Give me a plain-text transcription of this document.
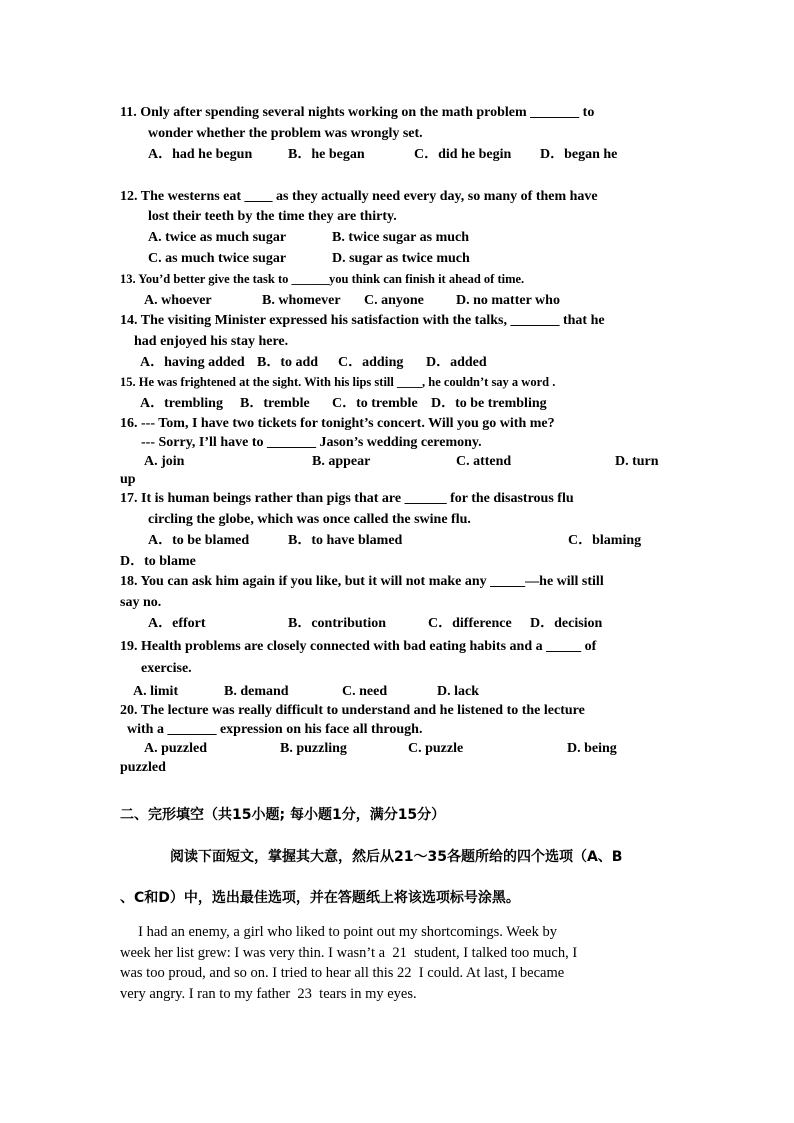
11. Only after spending several nights working on the math problem _______ to
wonder whether the problem was wrongly set.
A．had he begun	B．he began	C．did he begin D．began he
12. The westerns eat ____ as they actually need every day, so many of them have
lost their teeth by the time they are thirty.
A. twice as much sugar	B. twice sugar as much
C. as much twice sugar	D. sugar as twice much
13. You’d better give the task to ______you think can finish it ahead of time.
A. whoever	B. whomever C. anyone D. no matter who
14. The visiting Minister expressed his satisfaction with the talks, _______ that he
had enjoyed his stay here.
A．having added B．to add C．adding D．added
15. He was frightened at the sight. With his lips still ____, he couldn’t say a word .
A．trembling B．tremble C．to tremble D．to be trembling
16. --- Tom, I have two tickets for tonight’s concert. Will you go with me?
--- Sorry, I’ll have to _______ Jason’s wedding ceremony.
A. join	B. appear	C. attend	D. turn
up
17. It is human beings rather than pigs that are ______ for the disastrous flu
circling the globe, which was once called the swine flu.
A．to be blamed	B．to have blamed	C．blaming
D．to blame
18. You can ask him again if you like, but it will not make any _____—he will still
say no.
A．effort	B．contribution	C．difference D．decision
19. Health problems are closely connected with bad eating habits and a _____ of
exercise.
A. limit	B. demand	C. need	D. lack
20. The lecture was really difficult to understand and he listened to the lecture
with a _______ expression on his face all through.
A. puzzled	B. puzzling	C. puzzle	D. being
puzzled
二、完形填空（共15小题; 每小题1分，满分15分）
阅读下面短文，掌握其大意，然后从21～35各题所给的四个选项（A、B
、C和D）中，选出最佳选项，并在答题纸上将该选项标号涂黑。
I had an enemy, a girl who liked to point out my shortcomings. Week by
week her list grew: I was very thin. I wasn’t a  21  student, I talked too much, I
was too proud, and so on. I tried to hear all this 22  I could. At last, I became
very angry. I ran to my father  23  tears in my eyes.
